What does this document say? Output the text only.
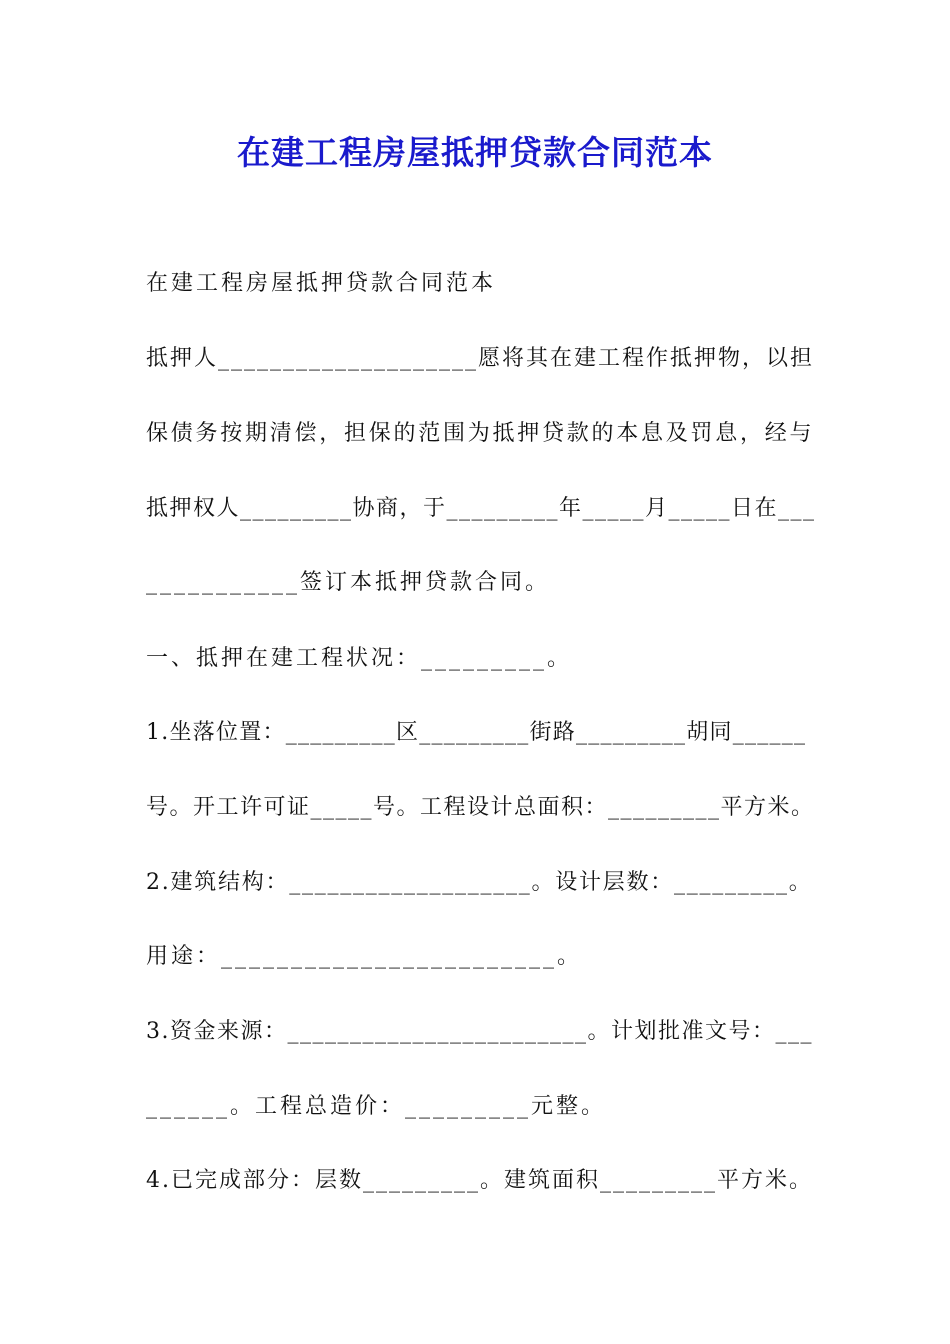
在建工程房屋抵押贷款合同范本
在建工程房屋抵押贷款合同范本
抵押人____________________愿将其在建工程作抵押物，以担
保债务按期清偿，担保的范围为抵押贷款的本息及罚息，经与
抵押权人_________协商，于_________年_____月_____日在___
___________签订本抵押贷款合同。
一、抵押在建工程状况：_________。
1.坐落位置：_________区_________街路_________胡同______
号。开工许可证_____号。工程设计总面积：_________平方米。
2.建筑结构：___________________。设计层数：_________。
用途：________________________。
3.资金来源：________________________。计划批准文号：___
______。工程总造价：_________元整。
4.已完成部分：层数_________。建筑面积_________平方米。
